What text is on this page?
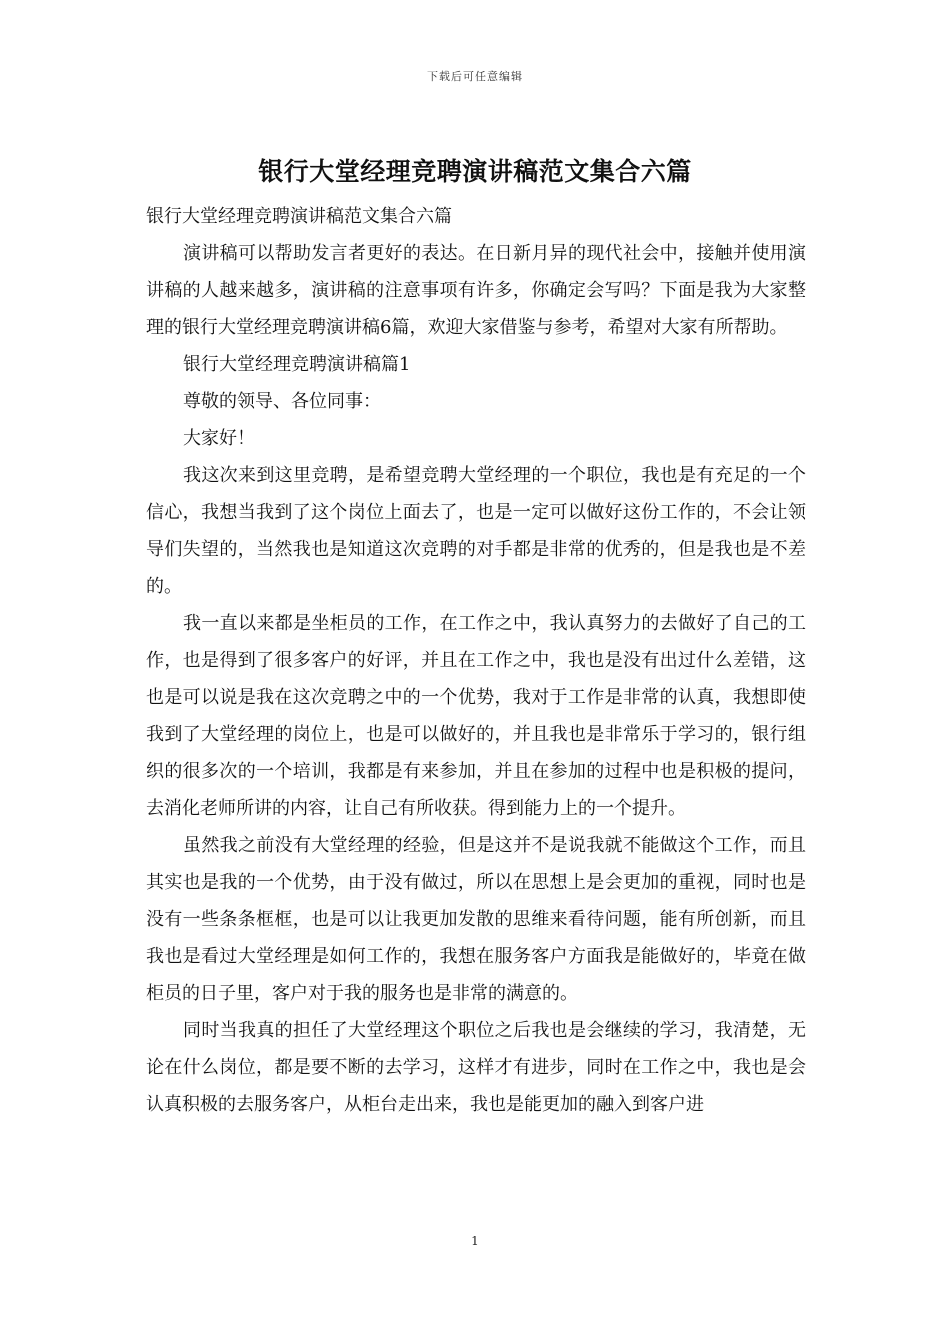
下载后可任意编辑
银行大堂经理竞聘演讲稿范文集合六篇

银行大堂经理竞聘演讲稿范文集合六篇

演讲稿可以帮助发言者更好的表达。在日新月异的现代社会中，接触并使用演讲稿的人越来越多，演讲稿的注意事项有许多，你确定会写吗？下面是我为大家整理的银行大堂经理竞聘演讲稿6篇，欢迎大家借鉴与参考，希望对大家有所帮助。

银行大堂经理竞聘演讲稿篇1

尊敬的领导、各位同事：

大家好！

我这次来到这里竞聘，是希望竞聘大堂经理的一个职位，我也是有充足的一个信心，我想当我到了这个岗位上面去了，也是一定可以做好这份工作的，不会让领导们失望的，当然我也是知道这次竞聘的对手都是非常的优秀的，但是我也是不差的。

我一直以来都是坐柜员的工作，在工作之中，我认真努力的去做好了自己的工作，也是得到了很多客户的好评，并且在工作之中，我也是没有出过什么差错，这也是可以说是我在这次竞聘之中的一个优势，我对于工作是非常的认真，我想即使我到了大堂经理的岗位上，也是可以做好的，并且我也是非常乐于学习的，银行组织的很多次的一个培训，我都是有来参加，并且在参加的过程中也是积极的提问，去消化老师所讲的内容，让自己有所收获。得到能力上的一个提升。

虽然我之前没有大堂经理的经验，但是这并不是说我就不能做这个工作，而且其实也是我的一个优势，由于没有做过，所以在思想上是会更加的重视，同时也是没有一些条条框框，也是可以让我更加发散的思维来看待问题，能有所创新，而且我也是看过大堂经理是如何工作的，我想在服务客户方面我是能做好的，毕竟在做柜员的日子里，客户对于我的服务也是非常的满意的。

同时当我真的担任了大堂经理这个职位之后我也是会继续的学习，我清楚，无论在什么岗位，都是要不断的去学习，这样才有进步，同时在工作之中，我也是会认真积极的去服务客户，从柜台走出来，我也是能更加的融入到客户进

1
